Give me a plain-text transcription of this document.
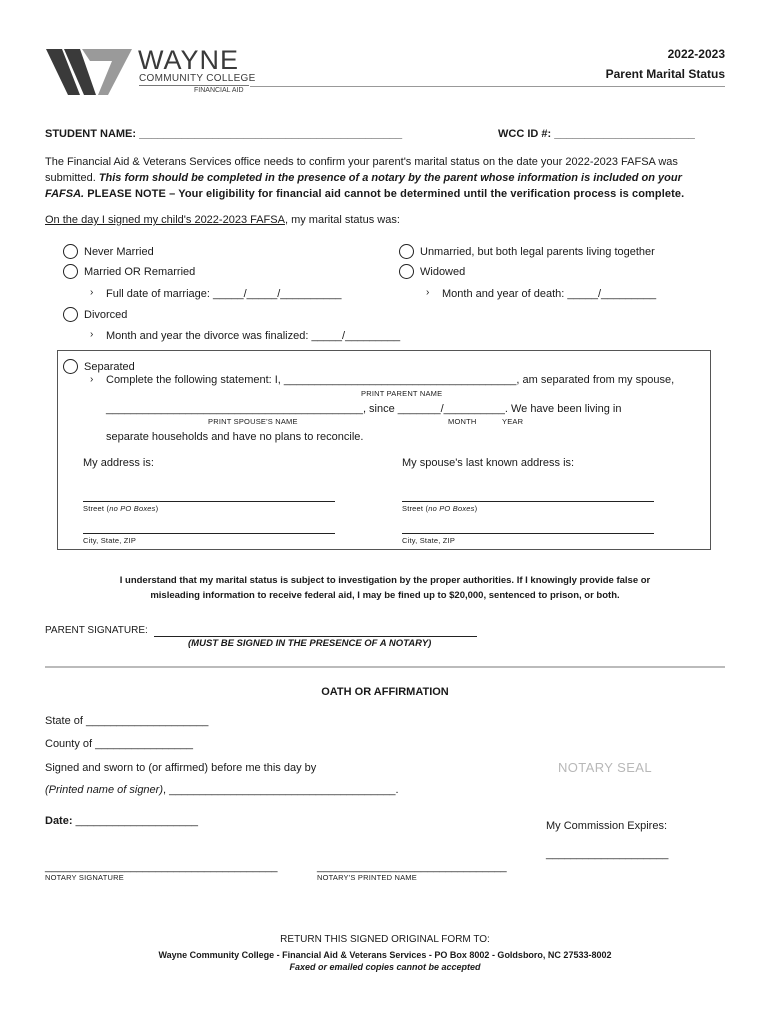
WAYNE
COMMUNITY COLLEGE
FINANCIAL AID
2022-2023
Parent Marital Status
STUDENT NAME: ___________________________________________	WCC ID #: _______________________
The Financial Aid & Veterans Services office needs to confirm your parent's marital status on the date your 2022-2023 FAFSA was
submitted. This form should be completed in the presence of a notary by the parent whose information is included on your
FAFSA. PLEASE NOTE – Your eligibility for financial aid cannot be determined until the verification process is complete.
On the day I signed my child's 2022-2023 FAFSA, my marital status was:
Never Married
Married OR Remarried
› Full date of marriage: _____/_____/__________
Unmarried, but both legal parents living together
Widowed
› Month and year of death: _____/_________
Divorced
› Month and year the divorce was finalized: _____/_________
Separated
› Complete the following statement: I, ______________________________________, am separated from my spouse,
PRINT PARENT NAME
__________________________________________, since _______/__________. We have been living in
PRINT SPOUSE'S NAME	MONTH	YEAR
separate households and have no plans to reconcile.
My address is:	My spouse's last known address is:
Street (no PO Boxes)	Street (no PO Boxes)
City, State, ZIP	City, State, ZIP
I understand that my marital status is subject to investigation by the proper authorities. If I knowingly provide false or
misleading information to receive federal aid, I may be fined up to $20,000, sentenced to prison, or both.
PARENT SIGNATURE:
(MUST BE SIGNED IN THE PRESENCE OF A NOTARY)
OATH OR AFFIRMATION
State of ____________________
County of ________________
Signed and sworn to (or affirmed) before me this day by	NOTARY SEAL
(Printed name of signer), _____________________________________.
Date: ____________________	My Commission Expires:
____________________
______________________________________
NOTARY SIGNATURE
_______________________________
NOTARY'S PRINTED NAME
RETURN THIS SIGNED ORIGINAL FORM TO:
Wayne Community College - Financial Aid & Veterans Services - PO Box 8002 - Goldsboro, NC 27533-8002
Faxed or emailed copies cannot be accepted
